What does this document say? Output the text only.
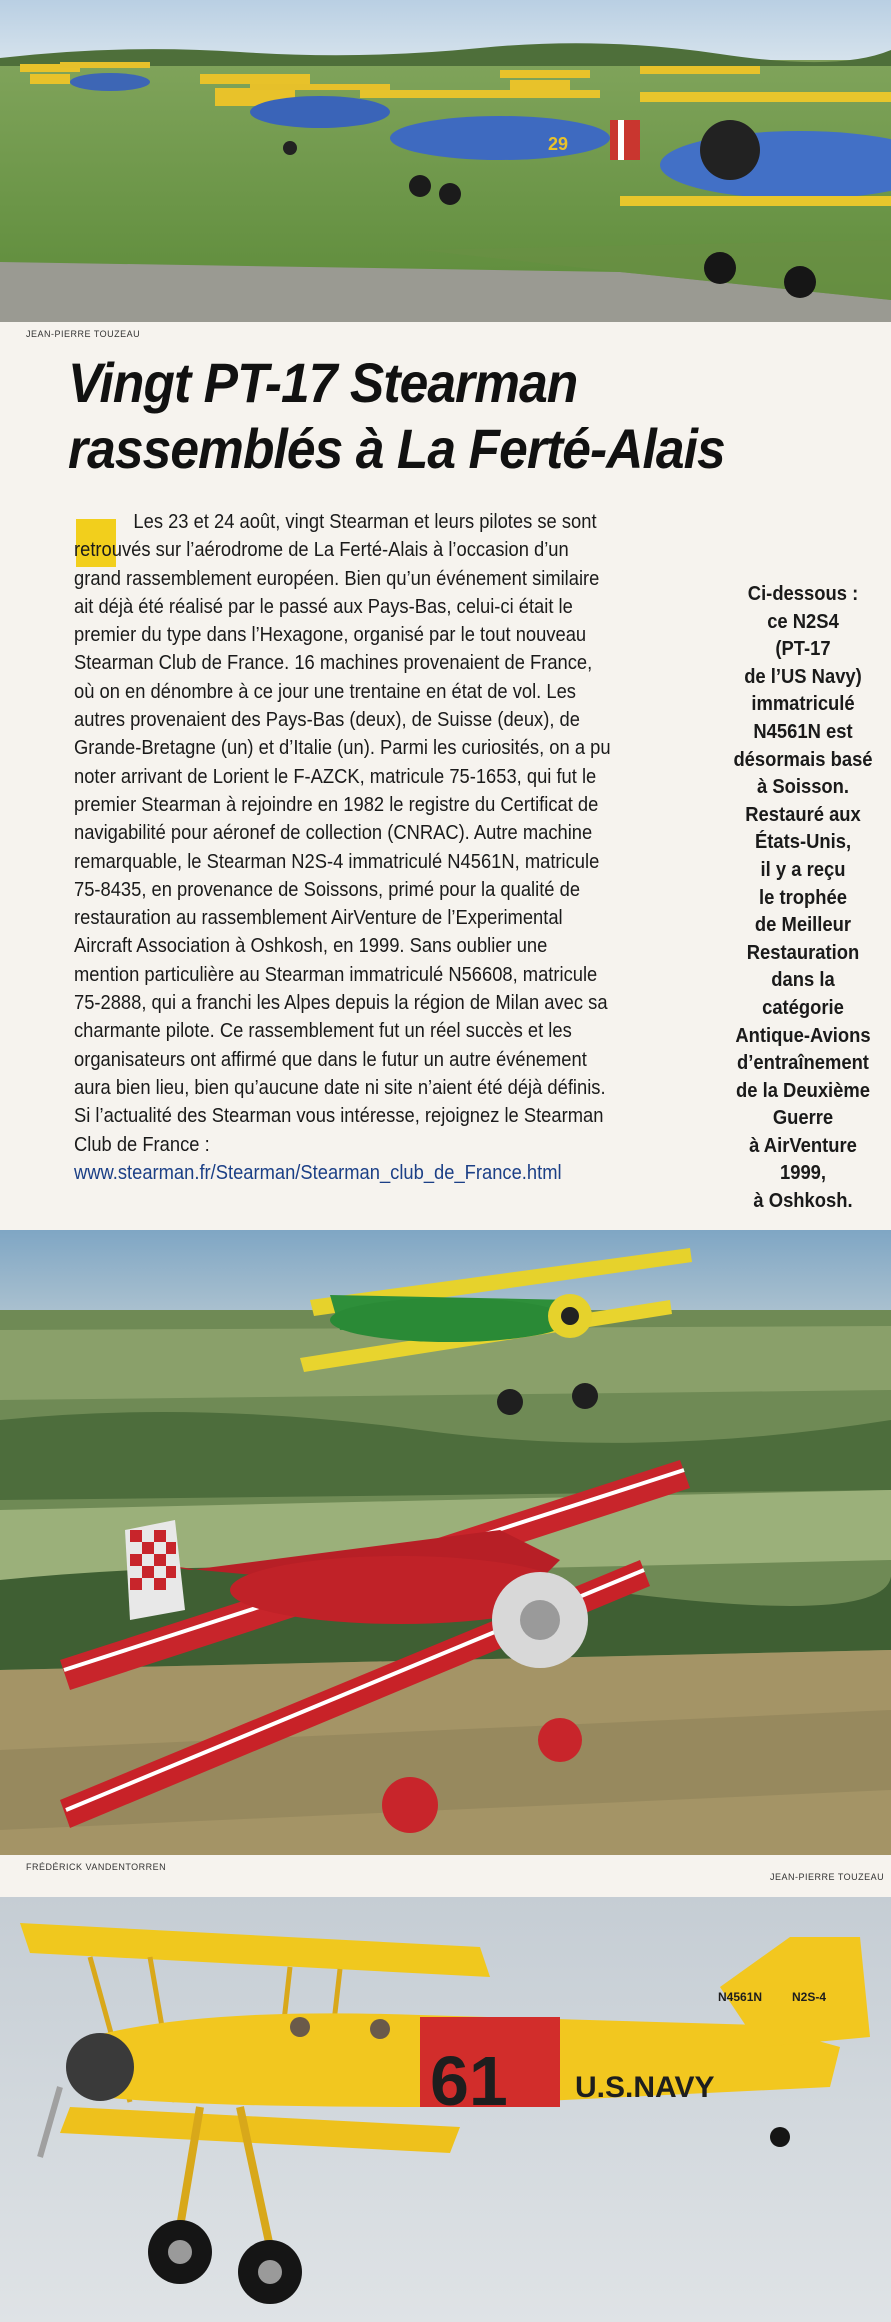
29
JEAN-PIERRE TOUZEAU
Vingt PT-17 Stearman
rassemblés à La Ferté-Alais

Les 23 et 24 août, vingt Stearman et leurs pilotes se sont retrouvés sur l’aérodrome de La Ferté-Alais à l’occasion d’un grand rassemblement européen. Bien qu’un événement similaire ait déjà été réalisé par le passé aux Pays-Bas, celui-ci était le premier du type dans l’Hexagone, organisé par le tout nouveau Stearman Club de France. 16 machines provenaient de France, où on en dénombre à ce jour une trentaine en état de vol. Les autres provenaient des Pays-Bas (deux), de Suisse (deux), de Grande-Bretagne (un) et d’Italie (un). Parmi les curiosités, on a pu noter arrivant de Lorient le F-AZCK, matricule 75-1653, qui fut le premier Stearman à rejoindre en 1982 le registre du Certificat de navigabilité pour aéronef de collection (CNRAC). Autre machine remarquable, le Stearman N2S-4 immatriculé N4561N, matricule 75-8435, en provenance de Soissons, primé pour la qualité de restauration au rassemblement AirVenture de l’Experimental Aircraft Association à Oshkosh, en 1999. Sans oublier une mention particulière au Stearman immatriculé N56608, matricule 75-2888, qui a franchi les Alpes depuis la région de Milan avec sa charmante pilote. Ce rassemblement fut un réel succès et les organisateurs ont affirmé que dans le futur un autre événement aura bien lieu, bien qu’aucune date ni site n’aient été déjà définis. Si l’actualité des Stearman vous intéresse, rejoignez le Stearman Club de France : www.stearman.fr/Stearman/Stearman_club_de_France.html

Ci-dessous :
ce N2S4
(PT-17
de l’US Navy)
immatriculé
N4561N est
désormais basé
à Soisson.
Restauré aux
États-Unis,
il y a reçu
le trophée
de Meilleur
Restauration
dans la
catégorie
Antique-Avions
d’entraînement
de la Deuxième
Guerre
à AirVenture
1999,
à Oshkosh.
FRÉDÉRICK VANDENTORREN
JEAN-PIERRE TOUZEAU
61 U.S.NAVY
N4561N N2S-4
